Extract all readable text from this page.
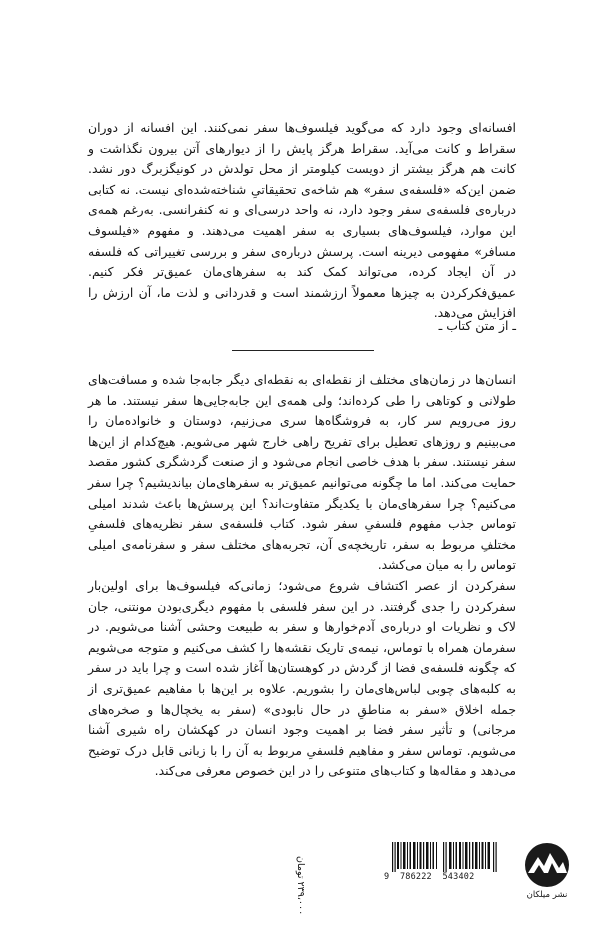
افسانه‌ای وجود دارد که می‌گوید فیلسوف‌ها سفر نمی‌کنند. این افسانه از دوران سقراط و کانت می‌آید. سقراط هرگز پایش را از دیوارهای آتن بیرون نگذاشت و کانت هم هرگز بیشتر از دویست کیلومتر از محل تولدش در کونیگزبرگ دور نشد. ضمن این‌که «فلسفه‌ی سفر» هم شاخه‌ی تحقیقاتیِ شناخته‌شده‌ای نیست. نه کتابی درباره‌ی فلسفه‌ی سفر وجود دارد، نه واحد درسی‌ای و نه کنفرانسی. به‌رغم همه‌ی این موارد، فیلسوف‌های بسیاری به سفر اهمیت می‌دهند. و مفهوم «فیلسوف مسافر» مفهومی دیرینه است. پرسش درباره‌ی سفر و بررسی تغییراتی که فلسفه در آن ایجاد کرده، می‌تواند کمک کند به سفرهای‌مان عمیق‌تر فکر کنیم. عمیق‌فکرکردن به چیزها معمولاً ارزشمند است و قدردانی و لذت ما، آن ارزش را افزایش می‌دهد.

ـ از متن کتاب ـ

انسان‌ها در زمان‌های مختلف از نقطه‌ای به نقطه‌ای دیگر جابه‌جا شده و مسافت‌های طولانی و کوتاهی را طی کرده‌اند؛ ولی همه‌ی این جابه‌جایی‌ها سفر نیستند. ما هر روز می‌رویم سر کار، به فروشگاه‌ها سری می‌زنیم، دوستان و خانواده‌مان را می‌بینیم و روزهای تعطیل برای تفریح راهی خارج شهر می‌شویم. هیچ‌کدام از این‌ها سفر نیستند. سفر با هدف خاصی انجام می‌شود و از صنعت گردشگری کشور مقصد حمایت می‌کند. اما ما چگونه می‌توانیم عمیق‌تر به سفرهای‌مان بیاندیشیم؟ چرا سفر می‌کنیم؟ چرا سفرهای‌مان با یکدیگر متفاوت‌اند؟ این پرسش‌ها باعث شدند امیلی توماس جذب مفهوم فلسفیِ سفر شود. کتاب فلسفه‌ی سفر نظریه‌های فلسفیِ مختلفِ مربوط به سفر، تاریخچه‌ی آن، تجربه‌های مختلف سفر و سفرنامه‌ی امیلی توماس را به میان می‌کشد.

سفرکردن از عصر اکتشاف شروع می‌شود؛ زمانی‌که فیلسوف‌ها برای اولین‌بار سفرکردن را جدی گرفتند. در این سفر فلسفی با مفهوم دیگری‌بودن مونتنی، جان لاک و نظریات او درباره‌ی آدم‌خوارها و سفر به طبیعت وحشی آشنا می‌شویم. در سفرمان همراه با توماس، نیمه‌ی تاریک نقشه‌ها را کشف می‌کنیم و متوجه می‌شویم که چگونه فلسفه‌ی فضا از گردش در کوهستان‌ها آغاز شده است و چرا باید در سفر به کلبه‌های چوبی لباس‌های‌مان را بشوریم. علاوه بر این‌ها با مفاهیم عمیق‌تری از جمله اخلاق «سفر به مناطقِ در حال نابودی» (سفر به یخچال‌ها و صخره‌های مرجانی) و تأثیر سفر فضا بر اهمیت وجود انسان در کهکشان راه شیری آشنا می‌شویم. توماس سفر و مفاهیم فلسفیِ مربوط به آن را با زبانی قابل درک توضیح می‌دهد و مقاله‌ها و کتاب‌های متنوعی را در این خصوص معرفی می‌کند.

۲۳۹،۰۰۰ تومان
9  786222  543402
نشر میلکان
